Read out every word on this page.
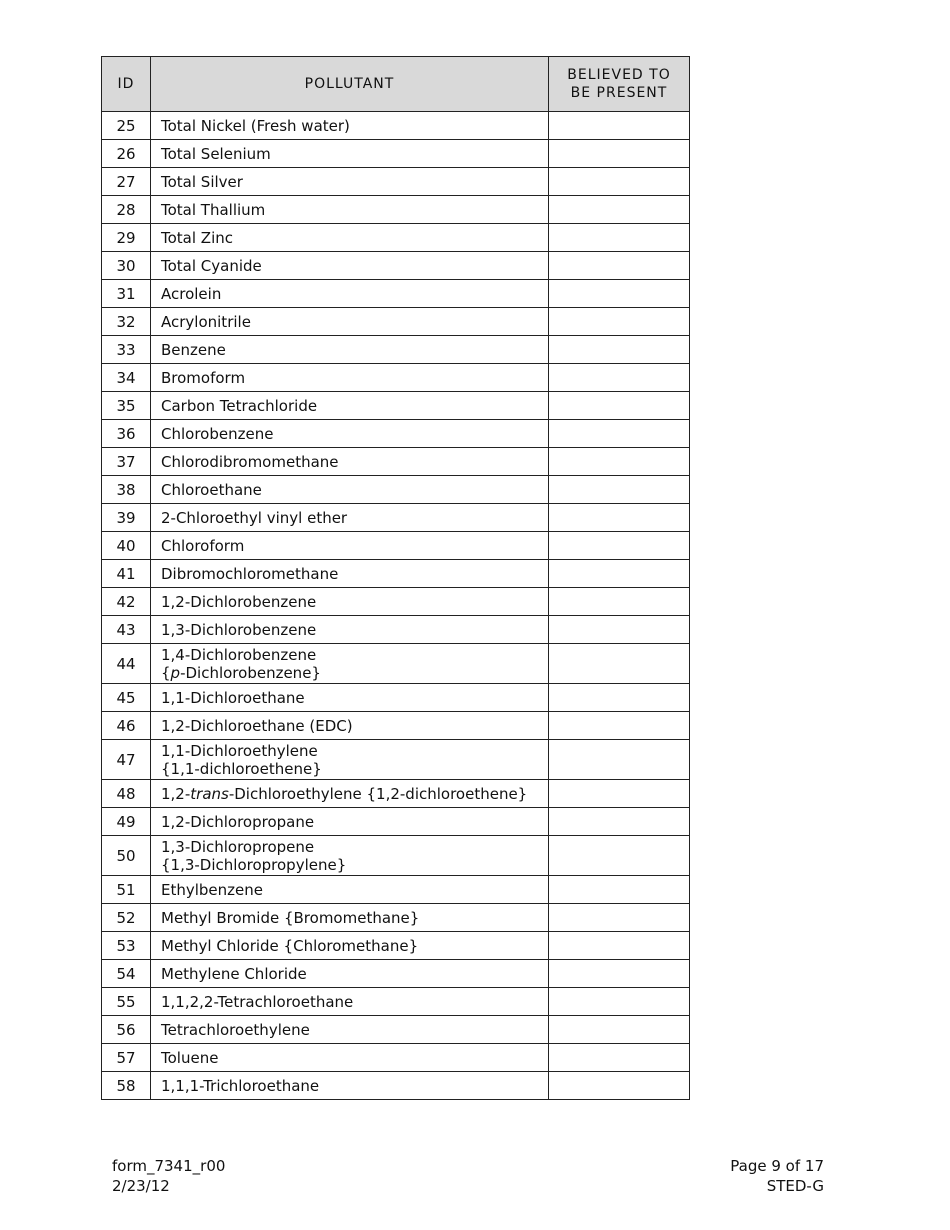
ID	POLLUTANT	BELIEVED TO BE PRESENT
25	Total Nickel (Fresh water)	
26	Total Selenium	
27	Total Silver	
28	Total Thallium	
29	Total Zinc	
30	Total Cyanide	
31	Acrolein	
32	Acrylonitrile	
33	Benzene	
34	Bromoform	
35	Carbon Tetrachloride	
36	Chlorobenzene	
37	Chlorodibromomethane	
38	Chloroethane	
39	2-Chloroethyl vinyl ether	
40	Chloroform	
41	Dibromochloromethane	
42	1,2-Dichlorobenzene	
43	1,3-Dichlorobenzene	
44	1,4-Dichlorobenzene
{p-Dichlorobenzene}	
45	1,1-Dichloroethane	
46	1,2-Dichloroethane (EDC)	
47	1,1-Dichloroethylene
{1,1-dichloroethene}	
48	1,2-trans-Dichloroethylene {1,2-dichloroethene}	
49	1,2-Dichloropropane	
50	1,3-Dichloropropene
{1,3-Dichloropropylene}	
51	Ethylbenzene	
52	Methyl Bromide {Bromomethane}	
53	Methyl Chloride {Chloromethane}	
54	Methylene Chloride	
55	1,1,2,2-Tetrachloroethane	
56	Tetrachloroethylene	
57	Toluene	
58	1,1,1-Trichloroethane	
form_7341_r00
2/23/12
Page 9 of 17
STED-G
